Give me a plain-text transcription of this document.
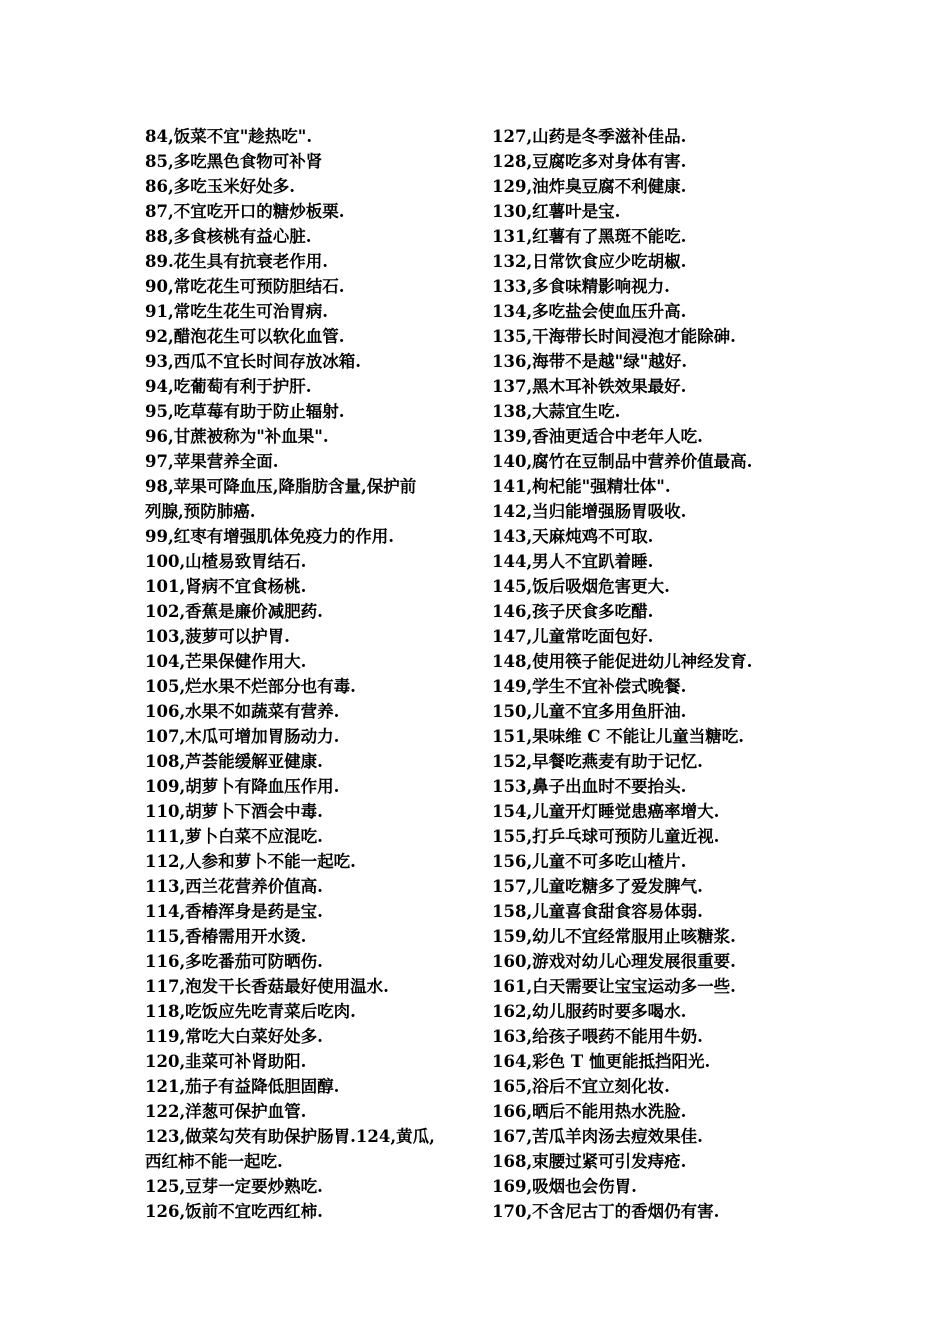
84,饭菜不宜"趁热吃".
85,多吃黑色食物可补肾
86,多吃玉米好处多.
87,不宜吃开口的糖炒板栗.
88,多食核桃有益心脏.
89.花生具有抗衰老作用.
90,常吃花生可预防胆结石.
91,常吃生花生可治胃病.
92,醋泡花生可以软化血管.
93,西瓜不宜长时间存放冰箱.
94,吃葡萄有利于护肝.
95,吃草莓有助于防止辐射.
96,甘蔗被称为"补血果".
97,苹果营养全面.
98,苹果可降血压,降脂肪含量,保护前
列腺,预防肺癌.
99,红枣有增强肌体免疫力的作用.
100,山楂易致胃结石.
101,肾病不宜食杨桃.
102,香蕉是廉价减肥药.
103,菠萝可以护胃.
104,芒果保健作用大.
105,烂水果不烂部分也有毒.
106,水果不如蔬菜有营养.
107,木瓜可增加胃肠动力.
108,芦荟能缓解亚健康.
109,胡萝卜有降血压作用.
110,胡萝卜下酒会中毒.
111,萝卜白菜不应混吃.
112,人参和萝卜不能一起吃.
113,西兰花营养价值高.
114,香椿浑身是药是宝.
115,香椿需用开水烫.
116,多吃番茄可防晒伤.
117,泡发干长香菇最好使用温水.
118,吃饭应先吃青菜后吃肉.
119,常吃大白菜好处多.
120,韭菜可补肾助阳.
121,茄子有益降低胆固醇.
122,洋葱可保护血管.
123,做菜勾芡有助保护肠胃.124,黄瓜,
西红柿不能一起吃.
125,豆芽一定要炒熟吃.
126,饭前不宜吃西红柿.
127,山药是冬季滋补佳品.
128,豆腐吃多对身体有害.
129,油炸臭豆腐不利健康.
130,红薯叶是宝.
131,红薯有了黑斑不能吃.
132,日常饮食应少吃胡椒.
133,多食味精影响视力.
134,多吃盐会使血压升高.
135,干海带长时间浸泡才能除砷.
136,海带不是越"绿"越好.
137,黑木耳补铁效果最好.
138,大蒜宜生吃.
139,香油更适合中老年人吃.
140,腐竹在豆制品中营养价值最高.
141,枸杞能"强精壮体".
142,当归能增强肠胃吸收.
143,天麻炖鸡不可取.
144,男人不宜趴着睡.
145,饭后吸烟危害更大.
146,孩子厌食多吃醋.
147,儿童常吃面包好.
148,使用筷子能促进幼儿神经发育.
149,学生不宜补偿式晚餐.
150,儿童不宜多用鱼肝油.
151,果味维 C 不能让儿童当糖吃.
152,早餐吃燕麦有助于记忆.
153,鼻子出血时不要抬头.
154,儿童开灯睡觉患癌率增大.
155,打乒乓球可预防儿童近视.
156,儿童不可多吃山楂片.
157,儿童吃糖多了爱发脾气.
158,儿童喜食甜食容易体弱.
159,幼儿不宜经常服用止咳糖浆.
160,游戏对幼儿心理发展很重要.
161,白天需要让宝宝运动多一些.
162,幼儿服药时要多喝水.
163,给孩子喂药不能用牛奶.
164,彩色 T 恤更能抵挡阳光.
165,浴后不宜立刻化妆.
166,晒后不能用热水洗脸.
167,苦瓜羊肉汤去痘效果佳.
168,束腰过紧可引发痔疮.
169,吸烟也会伤胃.
170,不含尼古丁的香烟仍有害.
